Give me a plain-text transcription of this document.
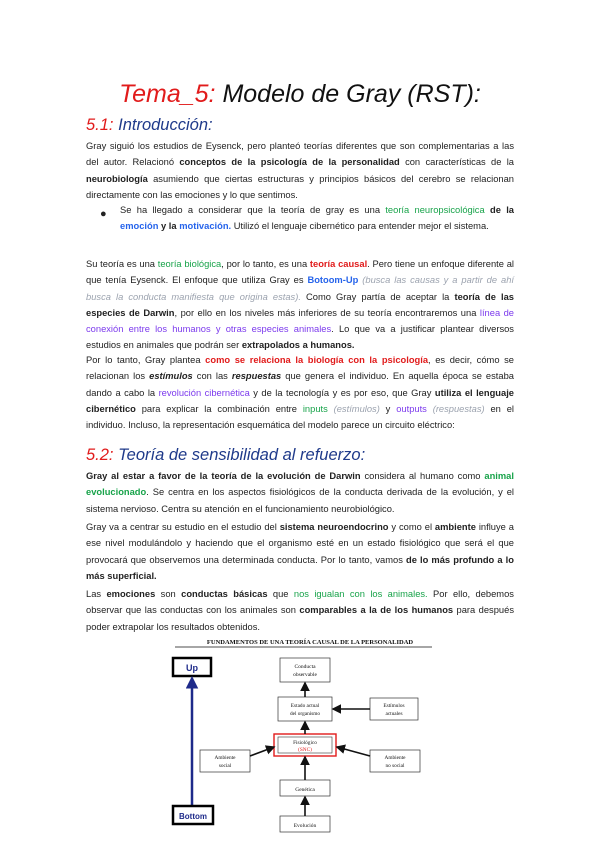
Tema_5: Modelo de Gray (RST):
5.1: Introducción:
Gray siguió los estudios de Eysenck, pero planteó teorías diferentes que son complementarias a las del autor. Relacionó conceptos de la psicología de la personalidad con características de la neurobiología asumiendo que ciertas estructuras y principios básicos del cerebro se relacionan directamente con las emociones y lo que sentimos.
● Se ha llegado a considerar que la teoría de gray es una teoría neuropsicológica de la emoción y la motivación. Utilizó el lenguaje cibernético para entender mejor el sistema.
Su teoría es una teoría biológica, por lo tanto, es una teoría causal. Pero tiene un enfoque diferente al que tenía Eysenck. El enfoque que utiliza Gray es Botoom-Up (busca las causas y a partir de ahí busca la conducta manifiesta que origina estas). Como Gray partía de aceptar la teoría de las especies de Darwin, por ello en los niveles más inferiores de su teoría encontraremos una línea de conexión entre los humanos y otras especies animales. Lo que va a justificar plantear diversos estudios en animales que podrán ser extrapolados a humanos.
Por lo tanto, Gray plantea como se relaciona la biología con la psicología, es decir, cómo se relacionan los estímulos con las respuestas que genera el individuo. En aquella época se estaba dando a cabo la revolución cibernética y de la tecnología y es por eso, que Gray utiliza el lenguaje cibernético para explicar la combinación entre inputs (estímulos) y outputs (respuestas) en el individuo. Incluso, la representación esquemática del modelo parece un circuito eléctrico:
5.2: Teoría de sensibilidad al refuerzo:
Gray al estar a favor de la teoría de la evolución de Darwin considera al humano como animal evolucionado. Se centra en los aspectos fisiológicos de la conducta derivada de la evolución, y el sistema nervioso. Centra su atención en el funcionamiento neurobiológico.
Gray va a centrar su estudio en el estudio del sistema neuroendocrino y como el ambiente influye a ese nivel modulándolo y haciendo que el organismo esté en un estado fisiológico que será el que provocará que observemos una determinada conducta. Por lo tanto, vamos de lo más profundo a lo más superficial.
Las emociones son conductas básicas que nos igualan con los animales. Por ello, debemos observar que las conductas con los animales son comparables a la de los humanos para después poder extrapolar los resultados obtenidos.
FUNDAMENTOS DE UNA TEORÍA CAUSAL DE LA PERSONALIDAD
Up
Bottom
Conducta
observable
Estado actual
del organismo
Estímulos
actuales
Fisiológico
(SNC)
Ambiente
social
Ambiente
no social
Genética
Evolución
